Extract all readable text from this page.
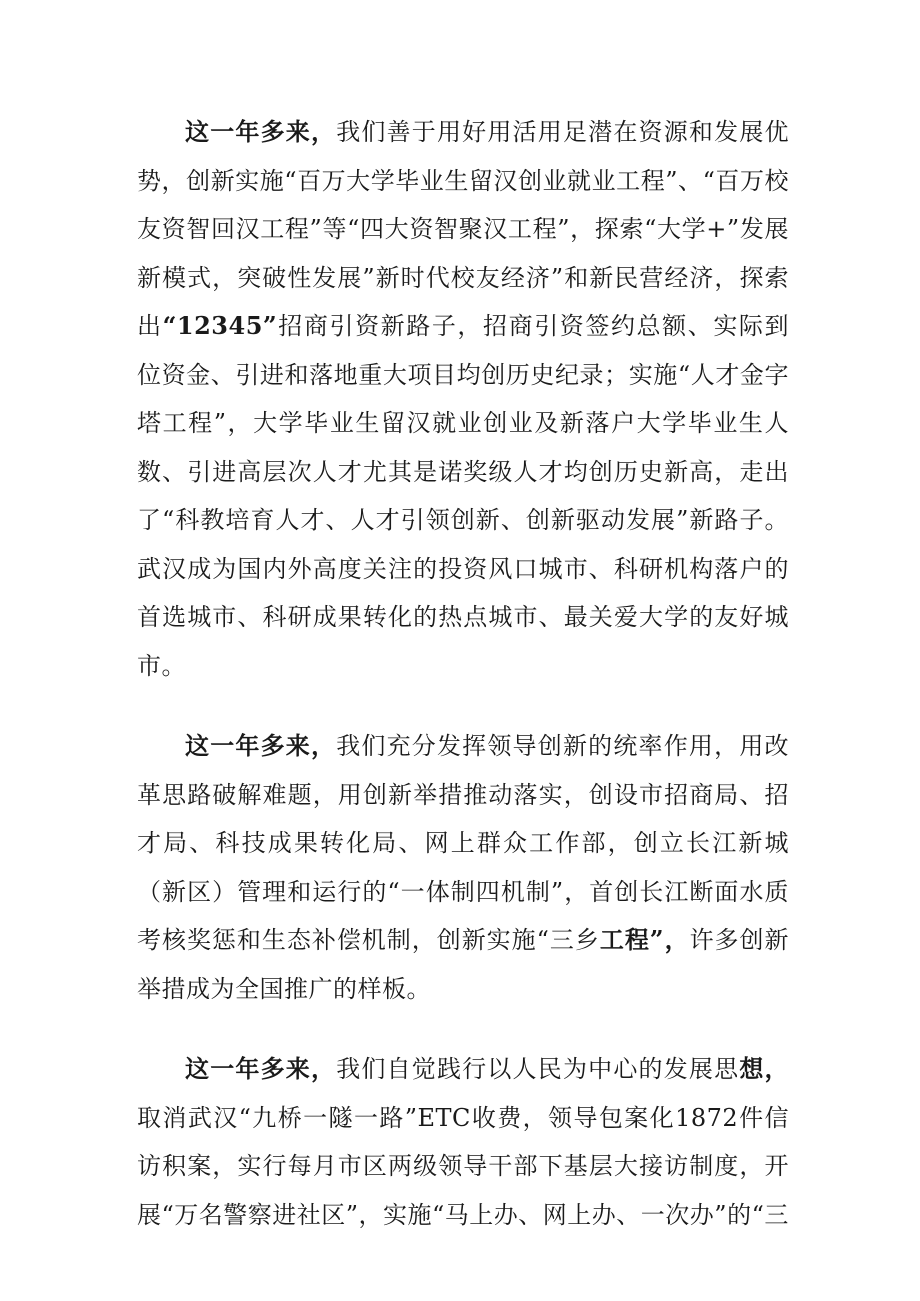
这一年多来，我们善于用好用活用足潜在资源和发展优势，创新实施“百万大学毕业生留汉创业就业工程”、“百万校友资智回汉工程”等“四大资智聚汉工程”，探索“大学+”发展新模式，突破性发展”新时代校友经济”和新民营经济，探索出“12345”招商引资新路子，招商引资签约总额、实际到位资金、引进和落地重大项目均创历史纪录；实施“人才金字塔工程”，大学毕业生留汉就业创业及新落户大学毕业生人数、引进高层次人才尤其是诺奖级人才均创历史新高，走出了“科教培育人才、人才引领创新、创新驱动发展”新路子。武汉成为国内外高度关注的投资风口城市、科研机构落户的首选城市、科研成果转化的热点城市、最关爱大学的友好城市。

这一年多来，我们充分发挥领导创新的统率作用，用改革思路破解难题，用创新举措推动落实，创设市招商局、招才局、科技成果转化局、网上群众工作部，创立长江新城（新区）管理和运行的“一体制四机制”，首创长江断面水质考核奖惩和生态补偿机制，创新实施“三乡工程”，许多创新举措成为全国推广的样板。

这一年多来，我们自觉践行以人民为中心的发展思想，取消武汉“九桥一隧一路”ETC收费，领导包案化1872件信访积案，实行每月市区两级领导干部下基层大接访制度，开展“万名警察进社区”，实施“马上办、网上办、一次办”的“三
